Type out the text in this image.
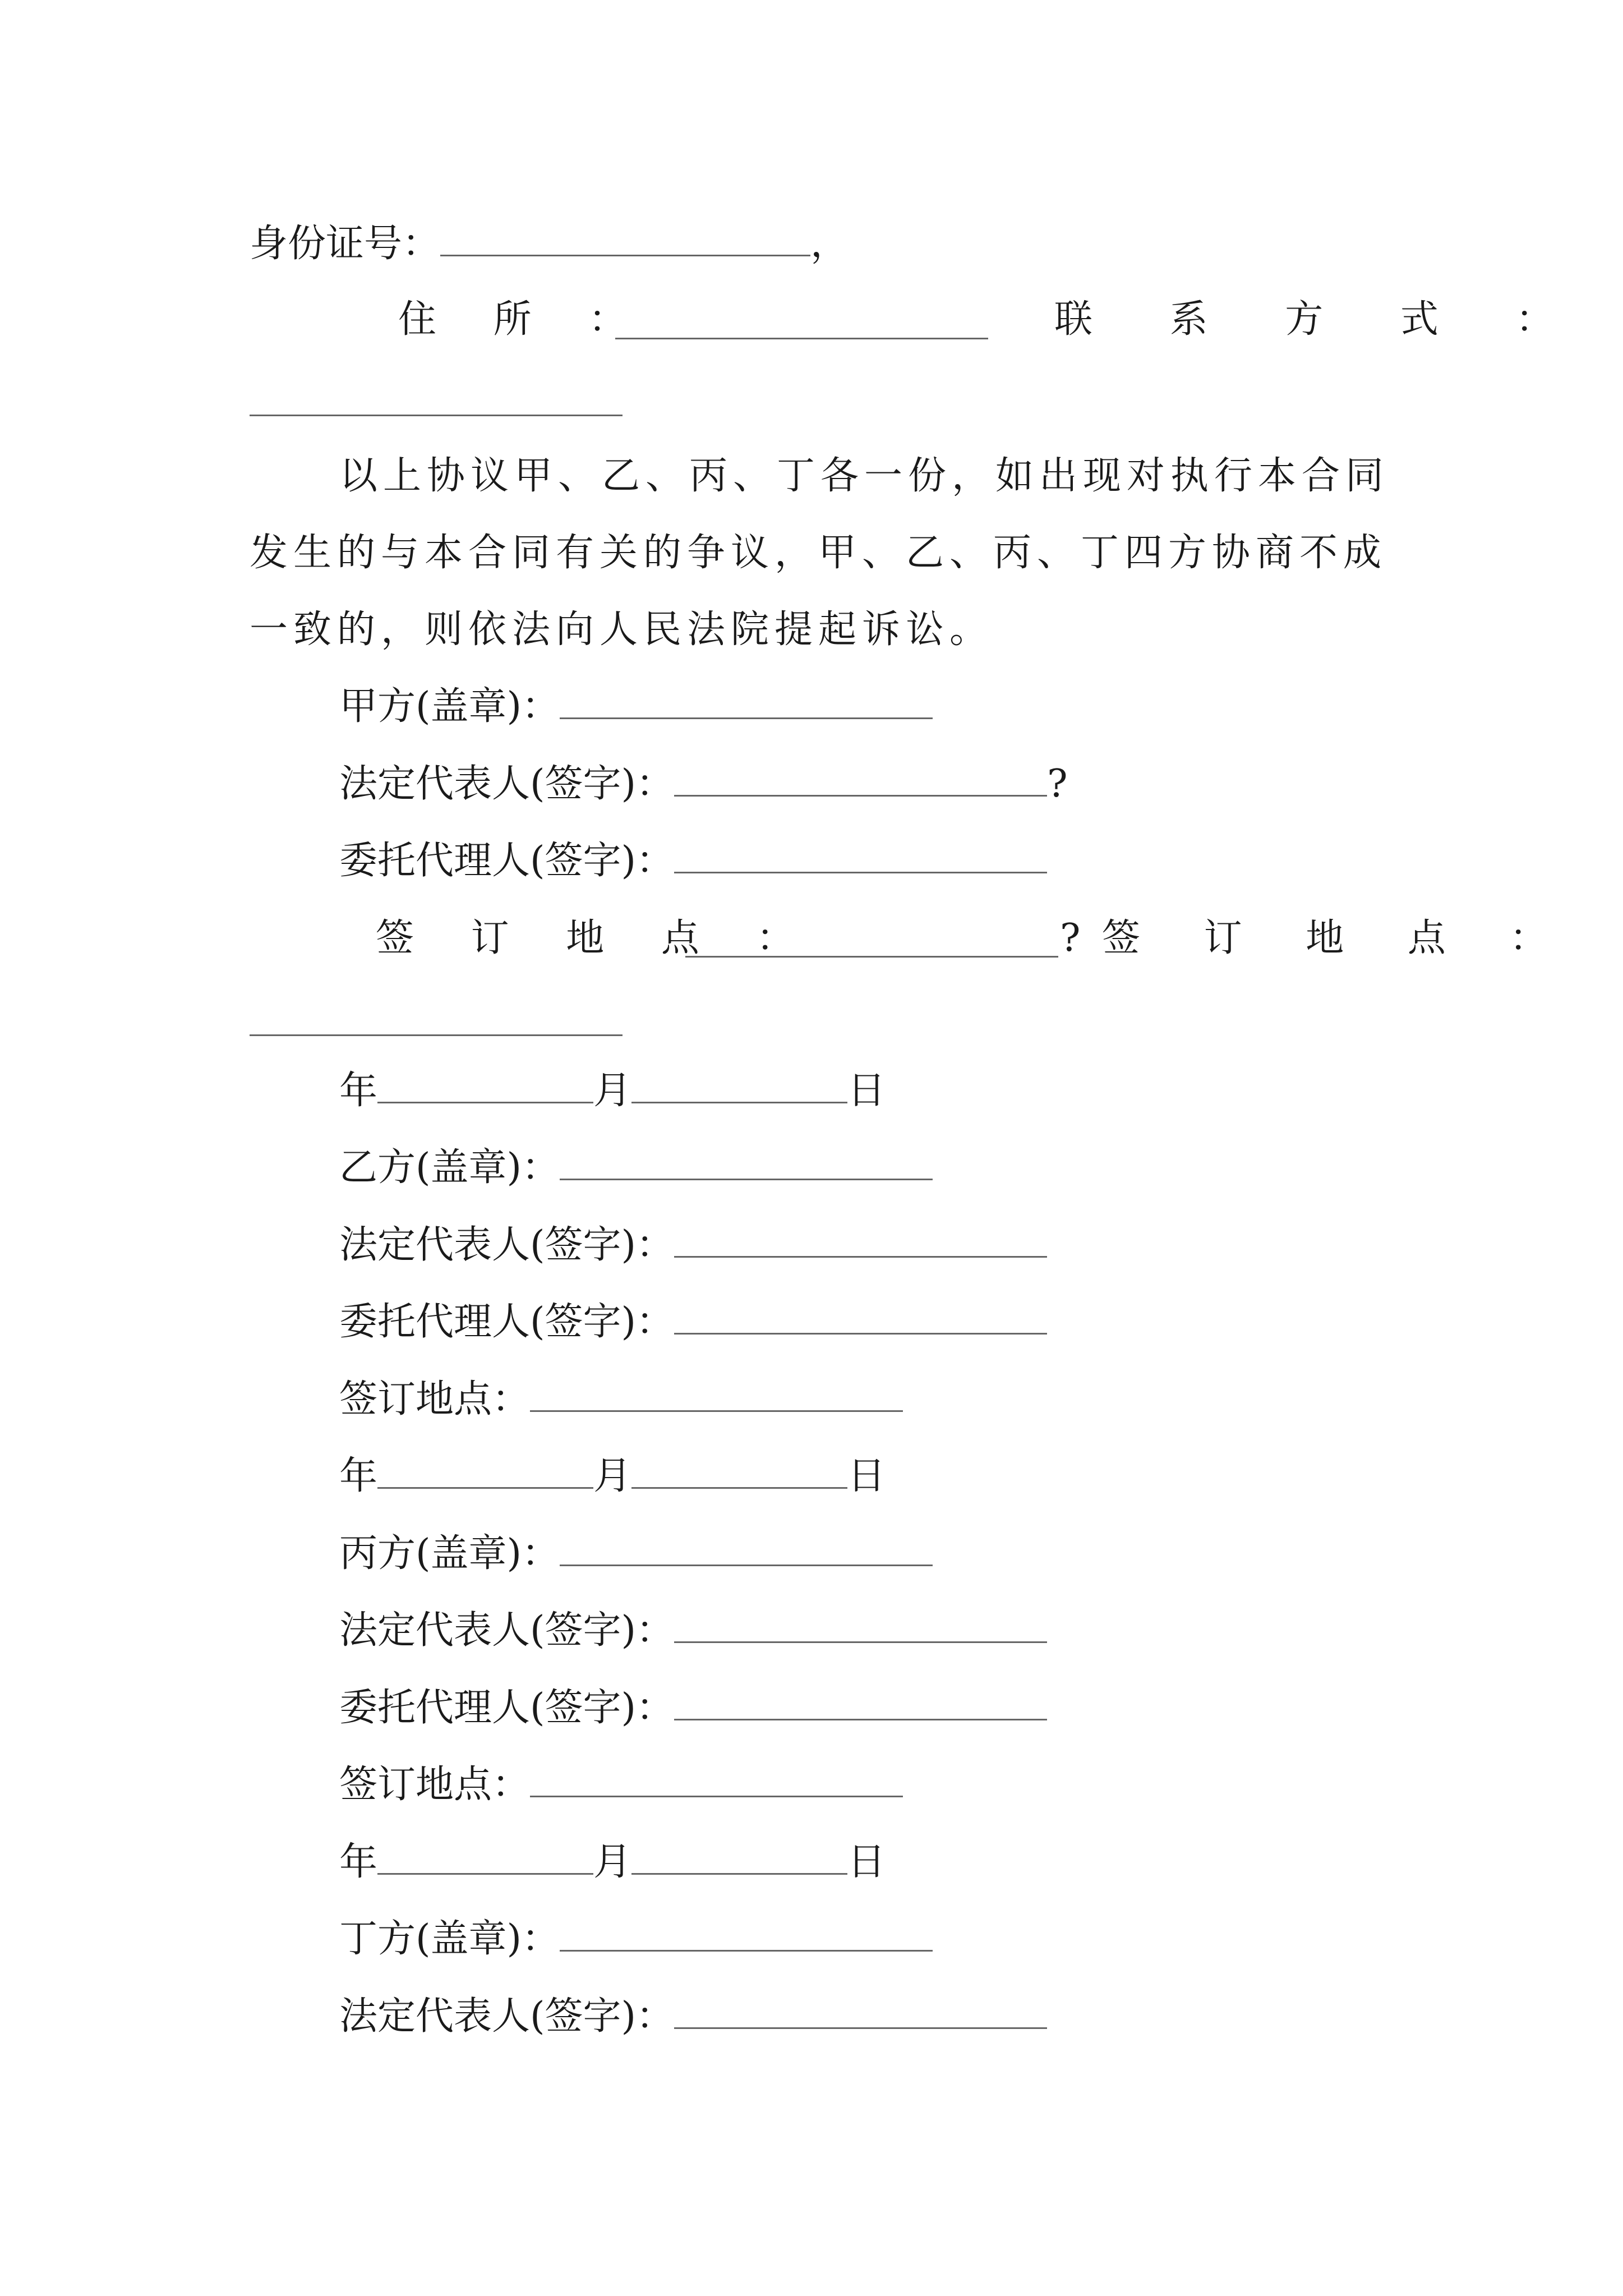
身份证号：	，
住 所 ：	联 系 方 式 ：
以上协议甲、乙、丙、丁各一份，如出现对执行本合同发生的与本合同有关的争议，甲、乙、丙、丁四方协商不成一致的，则依法向人民法院提起诉讼。
甲方(盖章)：
法定代表人(签字)：	?
委托代理人(签字)：
签 订 地 点 ：	? 签 订 地 点 ：
年	月	日
乙方(盖章)：
法定代表人(签字)：
委托代理人(签字)：
签订地点：
年	月	日
丙方(盖章)：
法定代表人(签字)：
委托代理人(签字)：
签订地点：
年	月	日
丁方(盖章)：
法定代表人(签字)：
